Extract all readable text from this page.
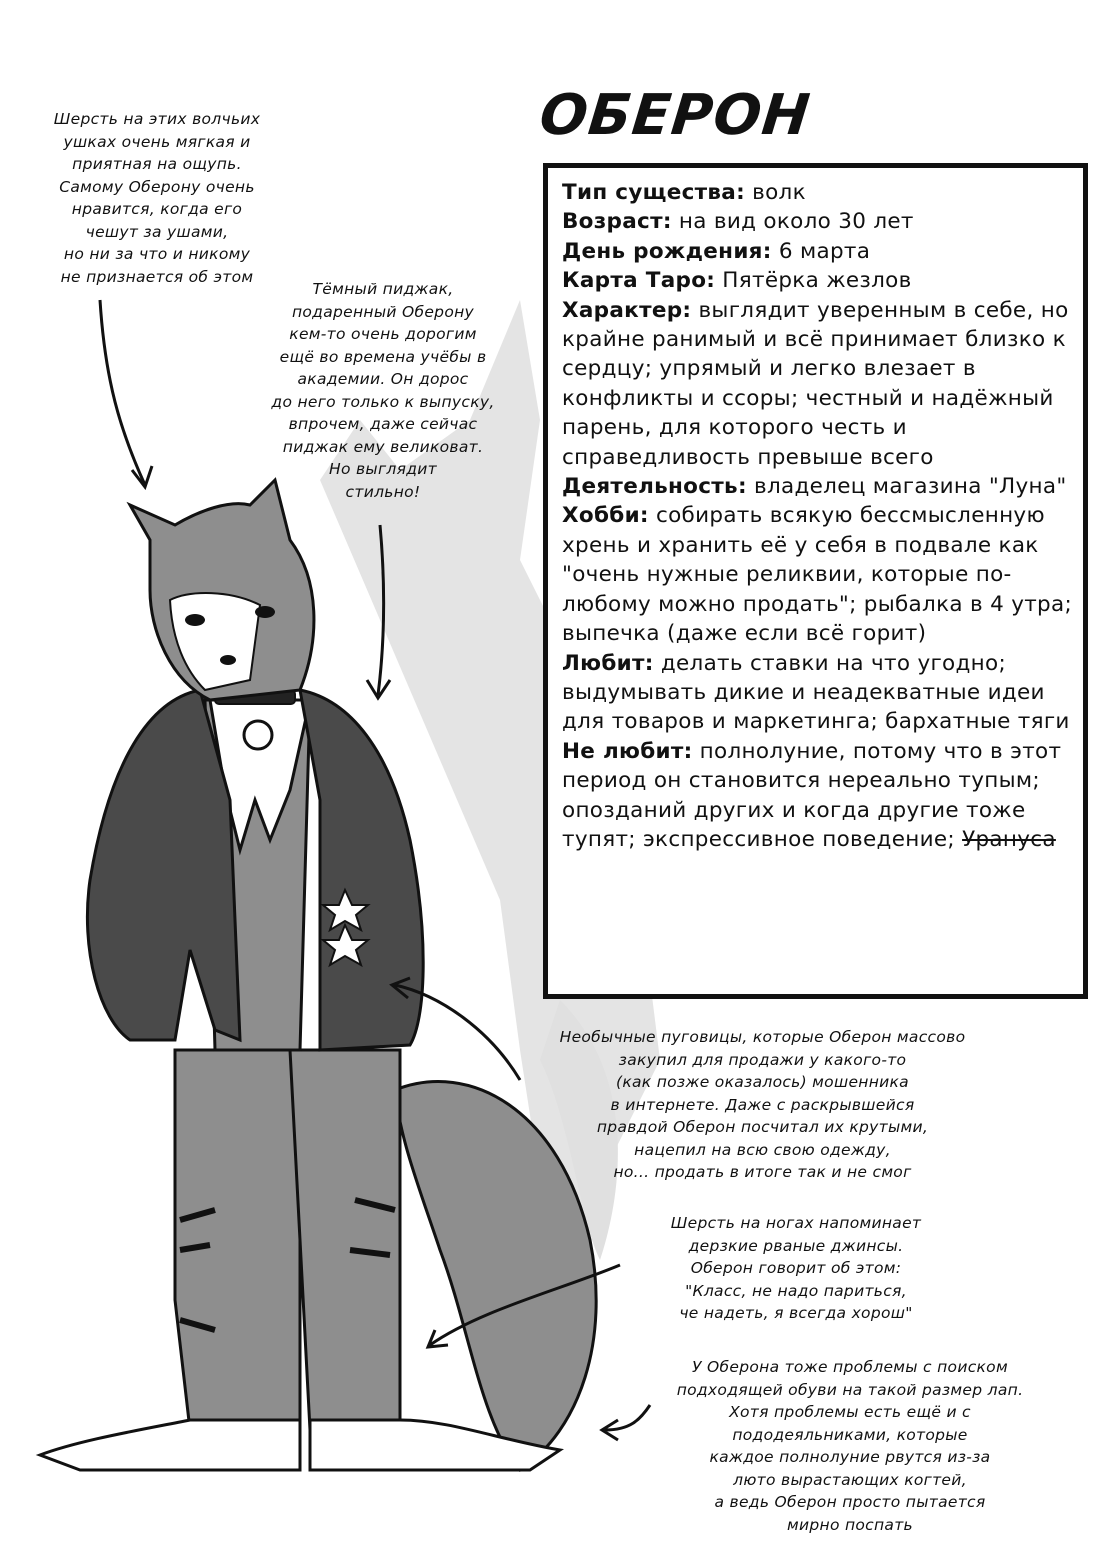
ОБЕРОН

Тип существа: волк

Возраст: на вид около 30 лет

День рождения: 6 марта

Карта Таро: Пятёрка жезлов

Характер: выглядит уверенным в себе, но крайне ранимый и всё принимает близко к сердцу; упрямый и легко влезает в конфликты и ссоры; честный и надёжный парень, для которого честь и справедливость превыше всего

Деятельность: владелец магазина "Луна"

Хобби: собирать всякую бессмысленную хрень и хранить её у себя в подвале как "очень нужные реликвии, которые по-любому можно продать"; рыбалка в 4 утра; выпечка (даже если всё горит)

Любит: делать ставки на что угодно; выдумывать дикие и неадекватные идеи для товаров и маркетинга; бархатные тяги

Не любит: полнолуние, потому что в этот период он становится нереально тупым; опозданий других и когда другие тоже тупят; экспрессивное поведение; Урануса

Шерсть на этих волчьих
ушках очень мягкая и
приятная на ощупь.
Самому Оберону очень
нравится, когда его
чешут за ушами,
но ни за что и никому
не признается об этом
Тёмный пиджак,
подаренный Оберону
кем-то очень дорогим
ещё во времена учёбы в
академии. Он дорос
до него только к выпуску,
впрочем, даже сейчас
пиджак ему великоват.
Но выглядит
стильно!
Необычные пуговицы, которые Оберон массово
закупил для продажи у какого-то
(как позже оказалось) мошенника
в интернете. Даже с раскрывшейся
правдой Оберон посчитал их крутыми,
нацепил на всю свою одежду,
но... продать в итоге так и не смог
Шерсть на ногах напоминает
дерзкие рваные джинсы.
Оберон говорит об этом:
"Класс, не надо париться,
че надеть, я всегда хорош"
У Оберона тоже проблемы с поиском
подходящей обуви на такой размер лап.
Хотя проблемы есть ещё и с
пододеяльниками, которые
каждое полнолуние рвутся из-за
люто вырастающих когтей,
а ведь Оберон просто пытается
мирно поспать
